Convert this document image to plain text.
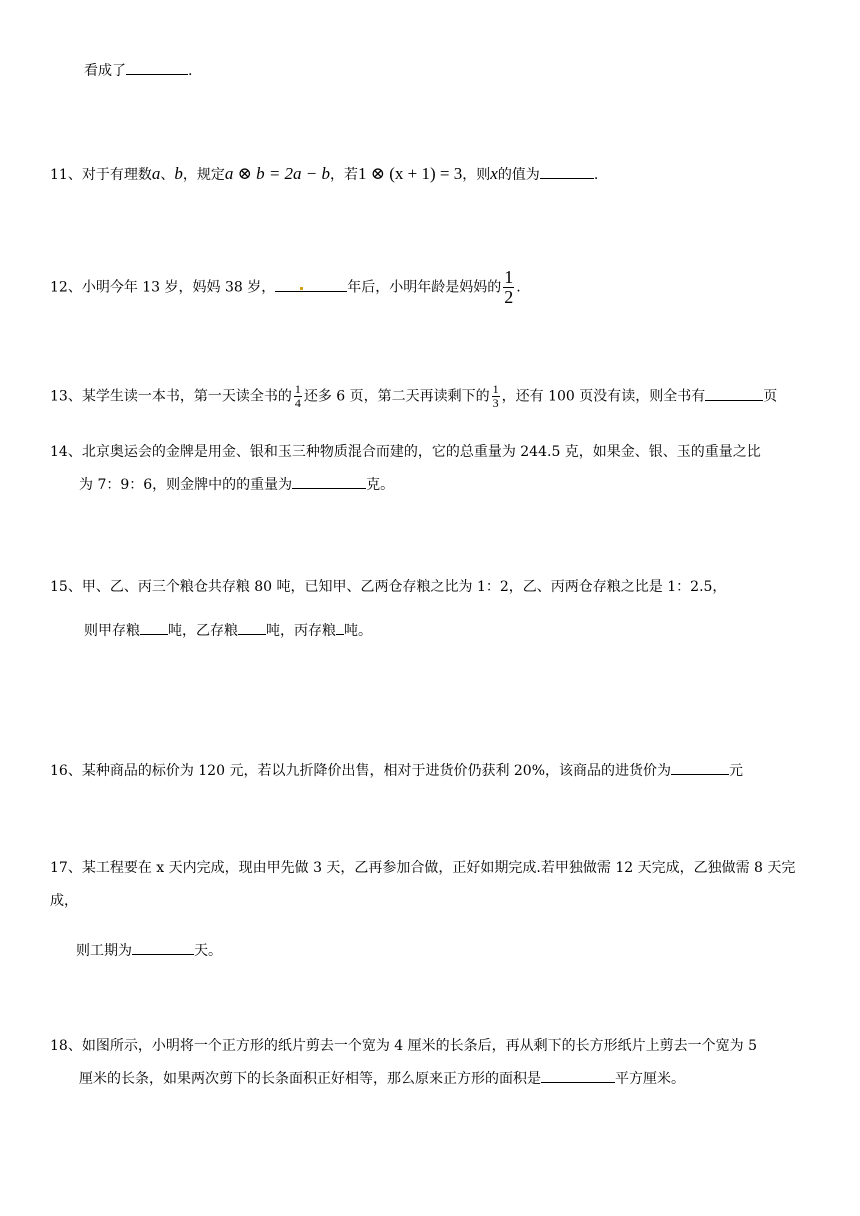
看成了	.
11、对于有理数a、b，规定a ⊗ b = 2a − b，若1 ⊗ (x + 1) = 3，则x的值为	.
12、小明今年 13 岁，妈妈 38 岁，	年后，小明年龄是妈妈的 $\frac{1}{2}$ .
13、某学生读一本书，第一天读全书的 $\frac{1}{4}$ 还多 6 页，第二天再读剩下的 $\frac{1}{3}$ ，还有 100 页没有读，则全书有	页
14、北京奥运会的金牌是用金、银和玉三种物质混合而建的，它的总重量为 244.5 克，如果金、银、玉的重量之比
为 7：9：6，则金牌中的的重量为	克。
15、甲、乙、丙三个粮仓共存粮 80 吨，已知甲、乙两仓存粮之比为 1：2，乙、丙两仓存粮之比是 1：2.5，
则甲存粮 吨，乙存粮 吨，丙存粮 吨。
16、某种商品的标价为 120 元，若以九折降价出售，相对于进货价仍获利 20%，该商品的进货价为	元
17、某工程要在 x 天内完成，现由甲先做 3 天，乙再参加合做，正好如期完成.若甲独做需 12 天完成，乙独做需 8 天完
成，
则工期为	天。
18、如图所示，小明将一个正方形的纸片剪去一个宽为 4 厘米的长条后，再从剩下的长方形纸片上剪去一个宽为 5
厘米的长条，如果两次剪下的长条面积正好相等，那么原来正方形的面积是	平方厘米。
